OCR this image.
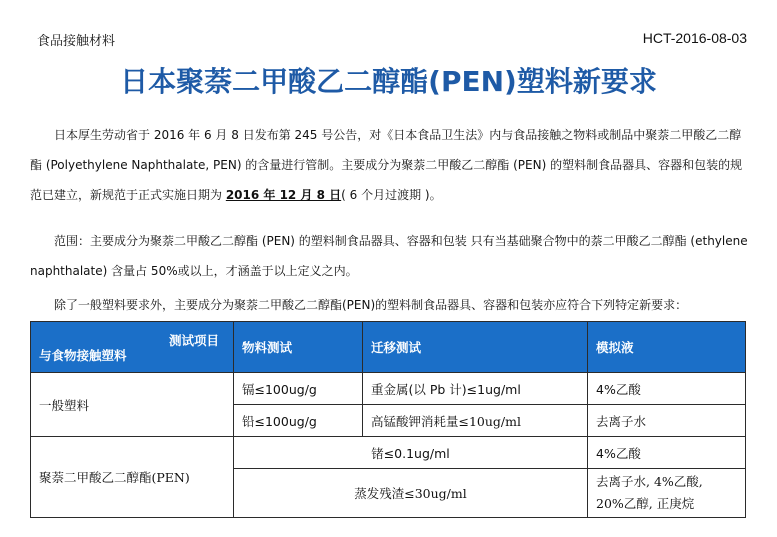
食品接触材料	HCT-2016-08-03
日本聚萘二甲酸乙二醇酯(PEN)塑料新要求
日本厚生劳动省于 2016 年 6 月 8 日发布第 245 号公告，对《日本食品卫生法》内与食品接触之物料或制品中聚萘二甲酸乙二醇酯 (Polyethylene Naphthalate, PEN) 的含量进行管制。主要成分为聚萘二甲酸乙二醇酯 (PEN) 的塑料制食品器具、容器和包装的规范已建立，新规范于正式实施日期为 2016 年 12 月 8 日( 6 个月过渡期 )。
范围：主要成分为聚萘二甲酸乙二醇酯 (PEN) 的塑料制食品器具、容器和包装 只有当基础聚合物中的萘二甲酸乙二醇酯 (ethylene naphthalate) 含量占 50%或以上，才涵盖于以上定义之内。
除了一般塑料要求外，主要成分为聚萘二甲酸乙二醇酯(PEN)的塑料制食品器具、容器和包装亦应符合下列特定新要求：
测试项目
与食物接触塑料	物料测试	迁移测试	模拟液
一般塑料	镉≤100ug/g	重金属(以 Pb 计)≤1ug/ml	4%乙酸
	铅≤100ug/g	高锰酸钾消耗量≤10ug/ml	去离子水
聚萘二甲酸乙二醇酯(PEN)	锗≤0.1ug/ml		4%乙酸
	蒸发残渣≤30ug/ml		去离子水, 4%乙酸,
20%乙醇, 正庚烷
